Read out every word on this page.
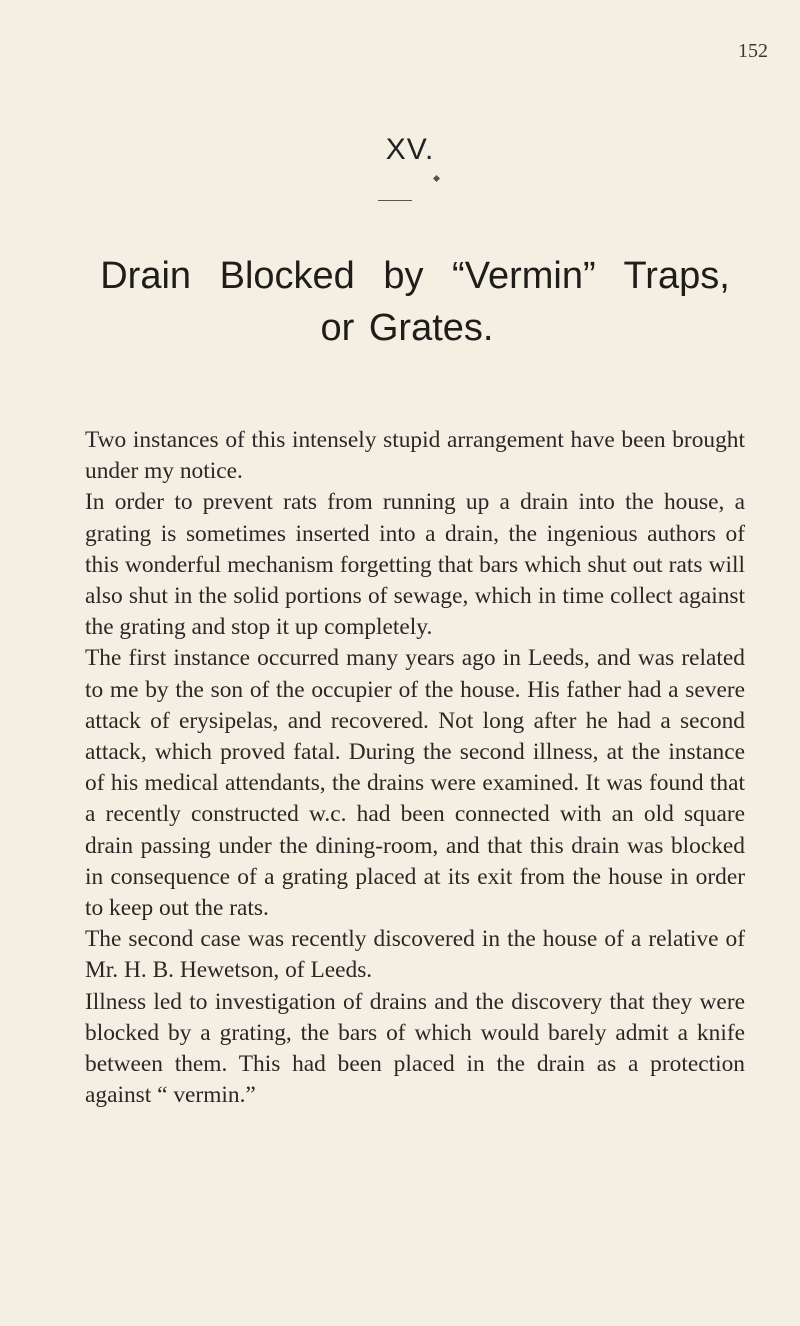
152
XV.
Drain Blocked by “Vermin” Traps,
or Grates.

Two instances of this intensely stupid arrangement have been brought under my notice.

In order to prevent rats from running up a drain into the house, a grating is sometimes inserted into a drain, the ingenious authors of this wonderful mechanism forgetting that bars which shut out rats will also shut in the solid portions of sewage, which in time collect against the grating and stop it up completely.

The first instance occurred many years ago in Leeds, and was related to me by the son of the occupier of the house. His father had a severe attack of erysipelas, and recovered. Not long after he had a second attack, which proved fatal. During the second illness, at the instance of his medical attendants, the drains were examined. It was found that a recently constructed w.c. had been connected with an old square drain passing under the dining-room, and that this drain was blocked in consequence of a grating placed at its exit from the house in order to keep out the rats.

The second case was recently discovered in the house of a relative of Mr. H. B. Hewetson, of Leeds.

Illness led to investigation of drains and the discovery that they were blocked by a grating, the bars of which would barely admit a knife between them. This had been placed in the drain as a protection against “ vermin.”
